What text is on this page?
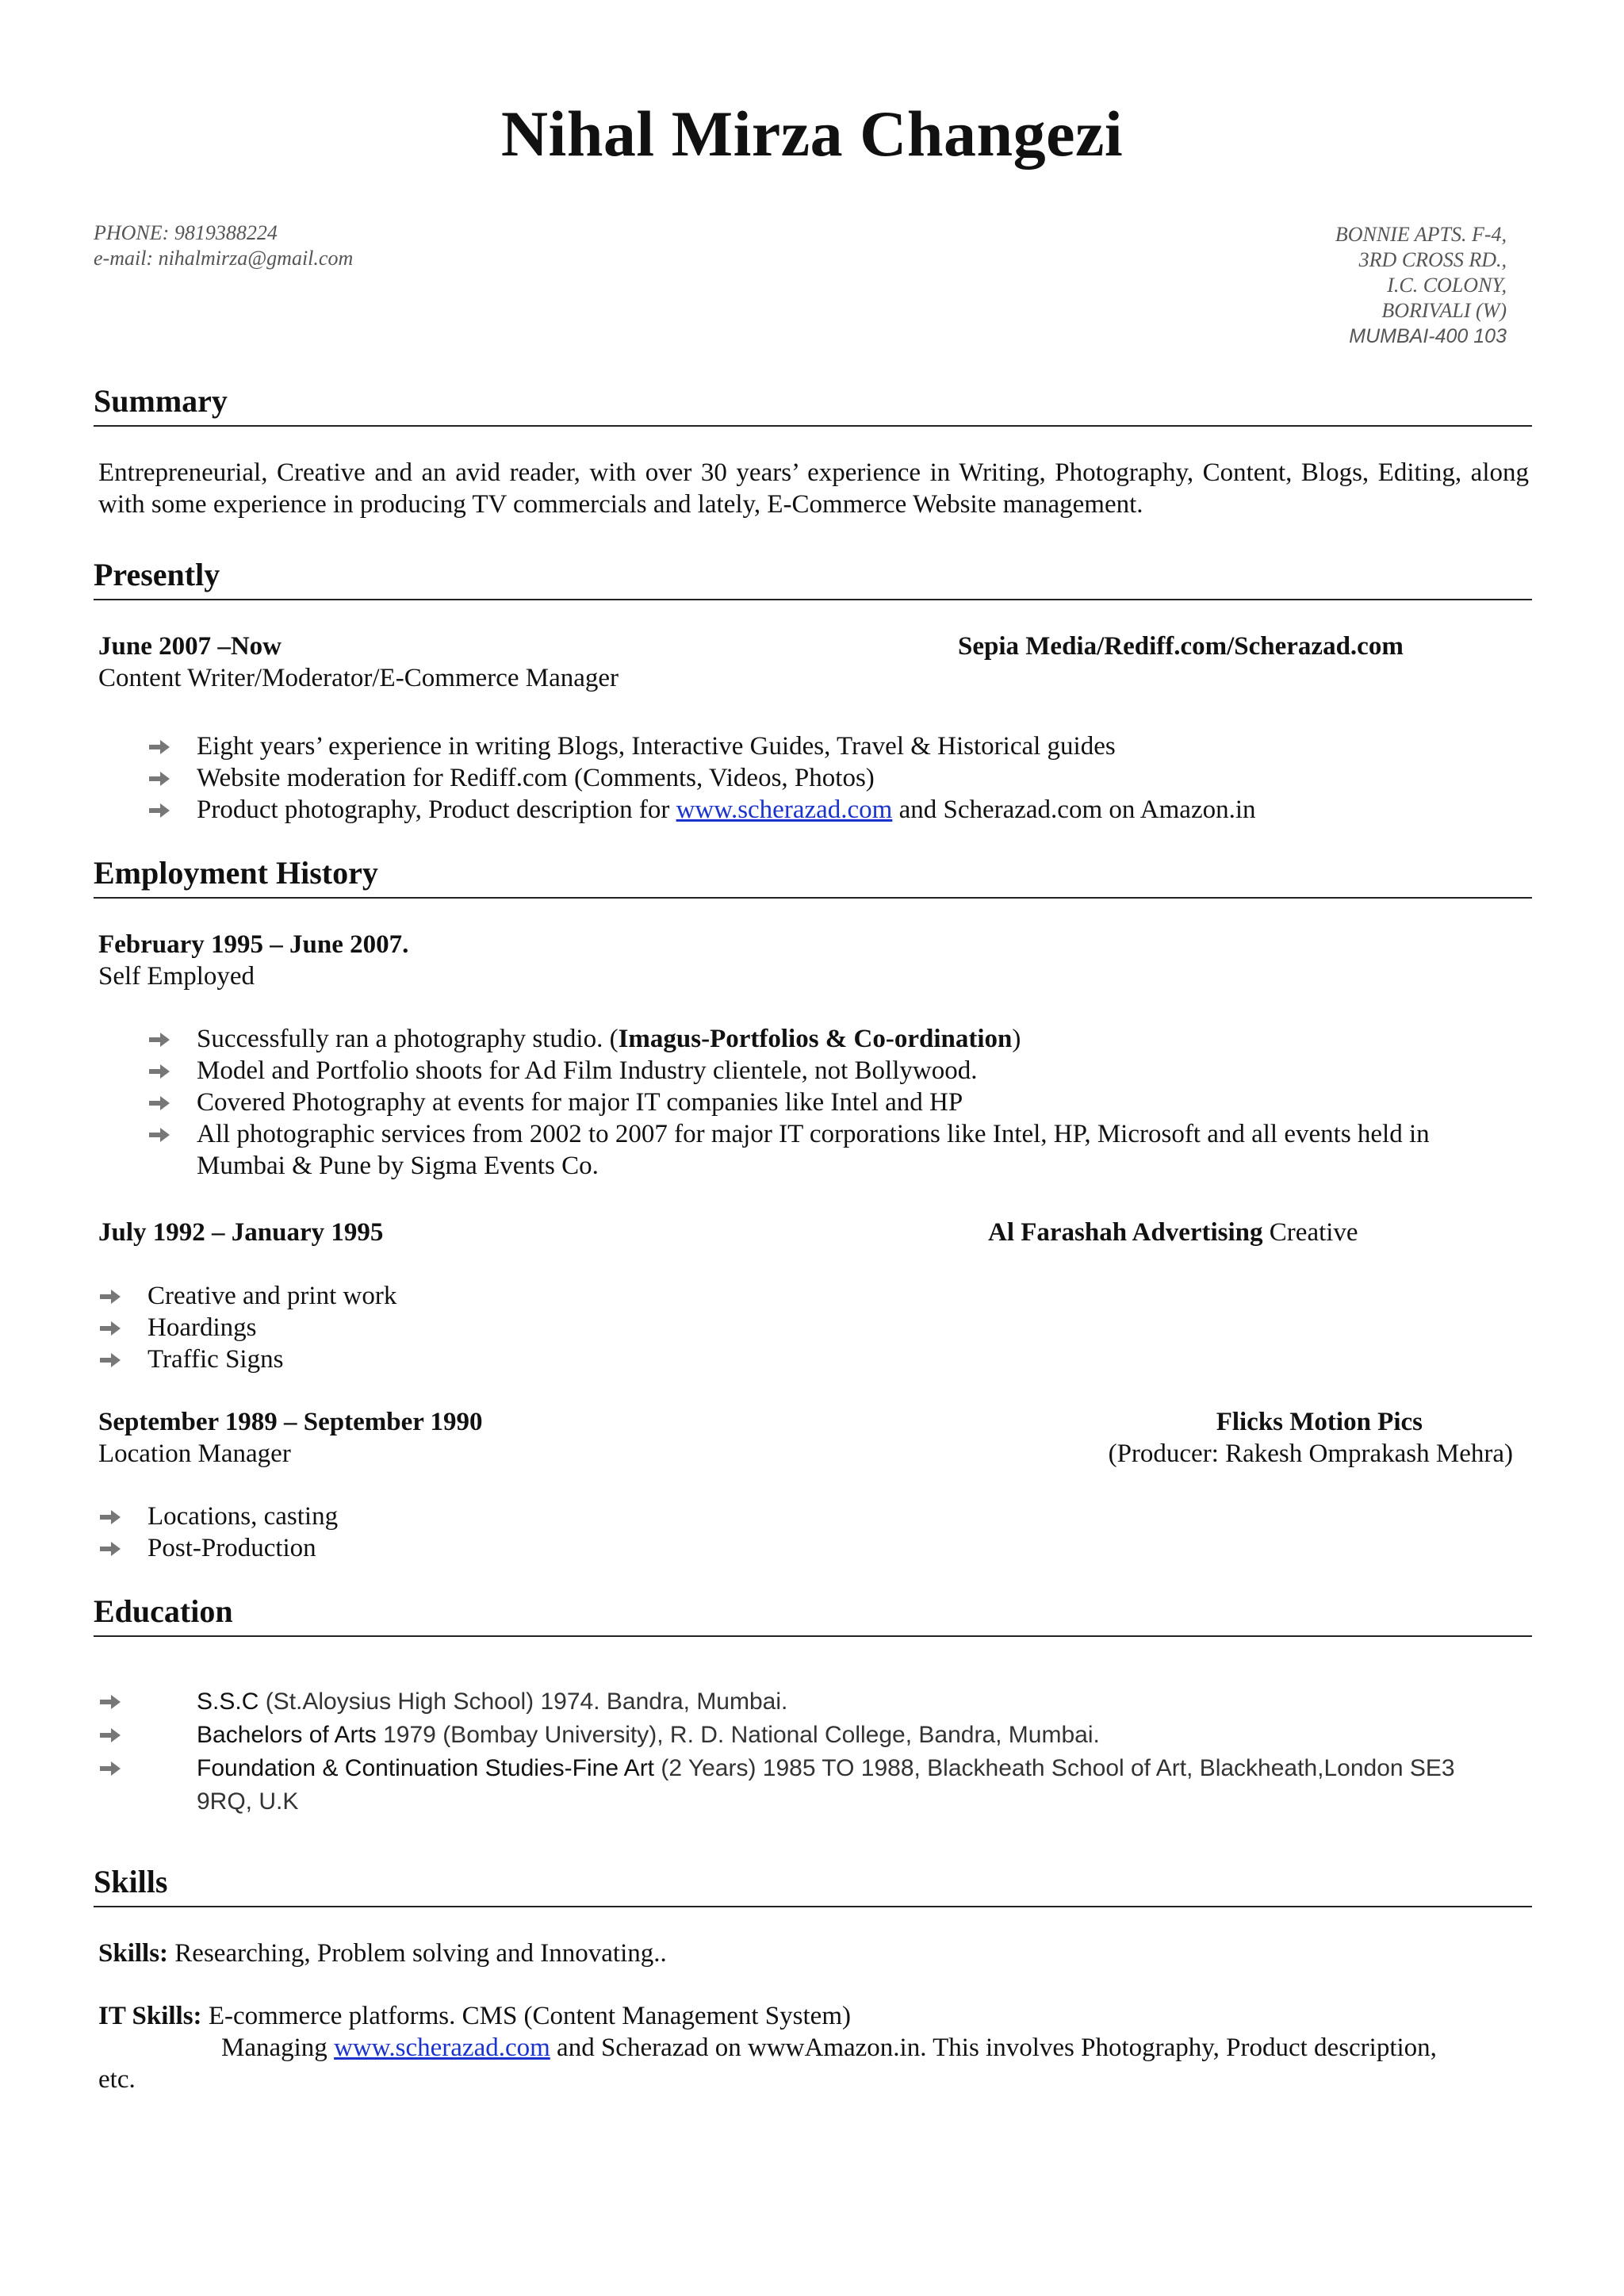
Nihal Mirza Changezi
PHONE: 9819388224
e-mail: nihalmirza@gmail.com
BONNIE APTS. F-4,
3RD CROSS RD.,
I.C. COLONY,
BORIVALI (W)
MUMBAI-400 103
Summary
Entrepreneurial, Creative and an avid reader, with over 30 years’ experience in Writing, Photography, Content, Blogs, Editing, along with some experience in producing TV commercials and lately, E-Commerce Website management.
Presently
June 2007 –Now	Sepia Media/Rediff.com/Scherazad.com
Content Writer/Moderator/E-Commerce Manager
Eight years’ experience in writing Blogs, Interactive Guides, Travel & Historical guides
Website moderation for Rediff.com (Comments, Videos, Photos)
Product photography, Product description for www.scherazad.com and Scherazad.com on Amazon.in
Employment History
February 1995 – June 2007.
Self Employed
Successfully ran a photography studio. (Imagus-Portfolios & Co-ordination)
Model and Portfolio shoots for Ad Film Industry clientele, not Bollywood.
Covered Photography at events for major IT companies like Intel and HP
All photographic services from 2002 to 2007 for major IT corporations like Intel, HP, Microsoft and all events held in
Mumbai & Pune by Sigma Events Co.
July 1992 – January 1995	Al Farashah Advertising Creative
Creative and print work
Hoardings
Traffic Signs
September 1989 – September 1990	Flicks Motion Pics
Location Manager	(Producer: Rakesh Omprakash Mehra)
Locations, casting
Post-Production
Education
S.S.C (St.Aloysius High School) 1974. Bandra, Mumbai.
Bachelors of Arts 1979 (Bombay University), R. D. National College, Bandra, Mumbai.
Foundation & Continuation Studies-Fine Art (2 Years) 1985 TO 1988, Blackheath School of Art, Blackheath,London SE3
9RQ, U.K
Skills
Skills: Researching, Problem solving and Innovating..
IT Skills: E-commerce platforms. CMS (Content Management System)
Managing www.scherazad.com and Scherazad on wwwAmazon.in. This involves Photography, Product description,
etc.
